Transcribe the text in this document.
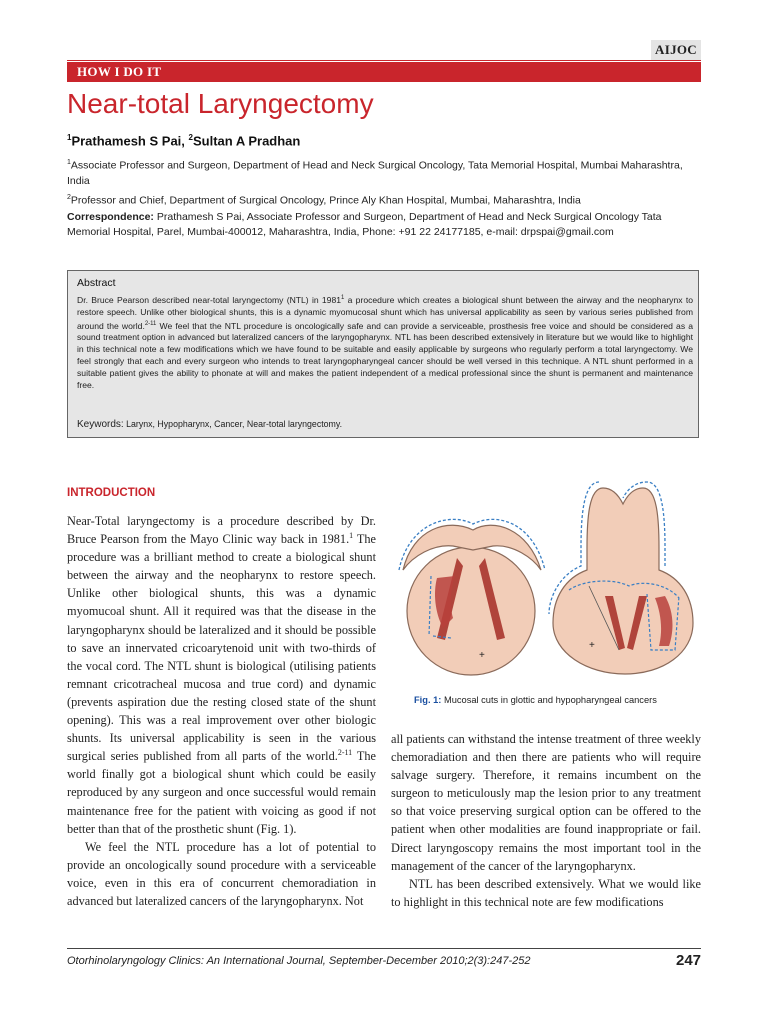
AIJOC
HOW I DO IT
Near-total Laryngectomy
$^1$Prathamesh S Pai, $^2$Sultan A Pradhan
$^1$Associate Professor and Surgeon, Department of Head and Neck Surgical Oncology, Tata Memorial Hospital, Mumbai Maharashtra, India
$^2$Professor and Chief, Department of Surgical Oncology, Prince Aly Khan Hospital, Mumbai, Maharashtra, India
Correspondence: Prathamesh S Pai, Associate Professor and Surgeon, Department of Head and Neck Surgical Oncology Tata Memorial Hospital, Parel, Mumbai-400012, Maharashtra, India, Phone: +91 22 24177185, e-mail: drpspai@gmail.com
Abstract
Dr. Bruce Pearson described near-total laryngectomy (NTL) in 1981$^1$ a procedure which creates a biological shunt between the airway and the neopharynx to restore speech. Unlike other biological shunts, this is a dynamic myomucosal shunt which has universal applicability as seen by various series published from around the world.$^{2-11}$ We feel that the NTL procedure is oncologically safe and can provide a serviceable, prosthesis free voice and should be considered as a sound treatment option in advanced but lateralized cancers of the laryngopharynx. NTL has been described extensively in literature but we would like to highlight in this technical note a few modifications which we have found to be suitable and easily applicable by surgeons who regularly perform a total laryngectomy. We feel strongly that each and every surgeon who intends to treat laryngopharyngeal cancer should be well versed in this technique. A NTL shunt performed in a suitable patient gives the ability to phonate at will and makes the patient independent of a medical professional since the shunt is permanent and maintenance free.
Keywords: Larynx, Hypopharynx, Cancer, Near-total laryngectomy.
INTRODUCTION

Near-Total laryngectomy is a procedure described by Dr. Bruce Pearson from the Mayo Clinic way back in 1981.$^1$ The procedure was a brilliant method to create a biological shunt between the airway and the neopharynx to restore speech. Unlike other biological shunts, this was a dynamic myomucoal shunt. All it required was that the disease in the laryngopharynx should be lateralized and it should be possible to save an innervated cricoarytenoid unit with two-thirds of the vocal cord. The NTL shunt is biological (utilising patients remnant cricotracheal mucosa and true cord) and dynamic (prevents aspiration due the resting closed state of the shunt opening). This was a real improvement over other biologic shunts. Its universal applicability is seen in the various surgical series published from all parts of the world.$^{2-11}$ The world finally got a biological shunt which could be easily reproduced by any surgeon and once successful would remain maintenance free for the patient with voicing as good if not better than that of the prosthetic shunt (Fig. 1).

We feel the NTL procedure has a lot of potential to provide an oncologically sound procedure with a serviceable voice, even in this era of concurrent chemoradiation in advanced but lateralized cancers of the laryngopharynx. Not

+
+
Fig. 1: Mucosal cuts in glottic and hypopharyngeal cancers

all patients can withstand the intense treatment of three weekly chemoradiation and then there are patients who will require salvage surgery. Therefore, it remains incumbent on the surgeon to meticulously map the lesion prior to any treatment so that voice preserving surgical option can be offered to the patient when other modalities are found inappropriate or fail. Direct laryngoscopy remains the most important tool in the management of the cancer of the laryngopharynx.

NTL has been described extensively. What we would like to highlight in this technical note are few modifications

Otorhinolaryngology Clinics: An International Journal, September-December 2010;2(3):247-252	247
